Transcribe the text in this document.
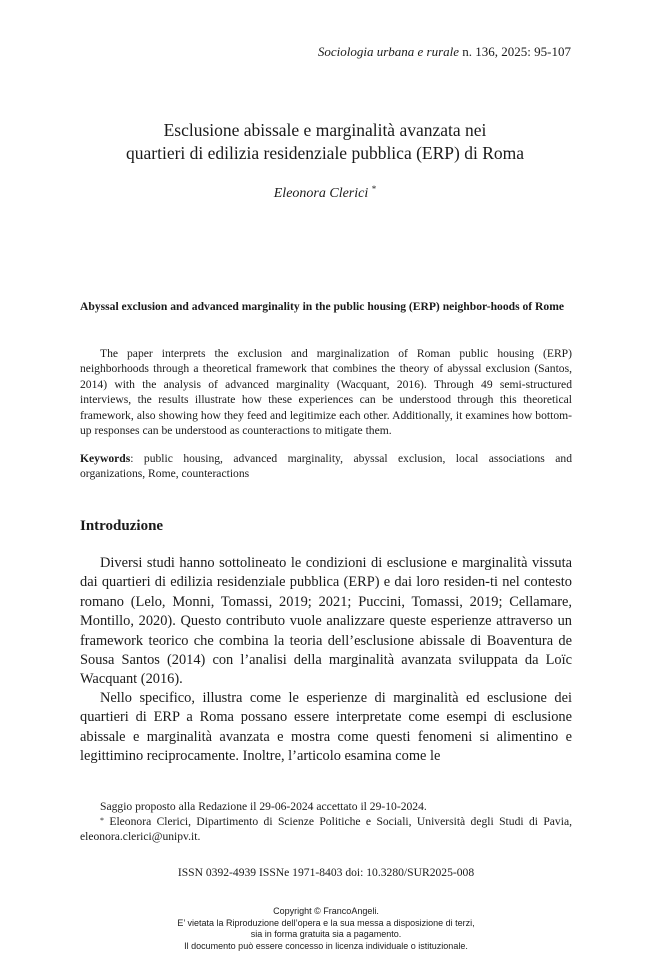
Sociologia urbana e rurale n. 136, 2025: 95-107
Esclusione abissale e marginalità avanzata nei
quartieri di edilizia residenziale pubblica (ERP) di Roma
Eleonora Clerici *
Abyssal exclusion and advanced marginality in the public housing (ERP) neighbor-hoods of Rome
The paper interprets the exclusion and marginalization of Roman public housing (ERP) neighborhoods through a theoretical framework that combines the theory of abyssal exclusion (Santos, 2014) with the analysis of advanced marginality (Wacquant, 2016). Through 49 semi-structured interviews, the results illustrate how these experiences can be understood through this theoretical framework, also showing how they feed and legitimize each other. Additionally, it examines how bottom-up responses can be understood as counteractions to mitigate them.
Keywords: public housing, advanced marginality, abyssal exclusion, local associations and organizations, Rome, counteractions
Introduzione
Diversi studi hanno sottolineato le condizioni di esclusione e marginalità vissuta dai quartieri di edilizia residenziale pubblica (ERP) e dai loro residen-ti nel contesto romano (Lelo, Monni, Tomassi, 2019; 2021; Puccini, Tomassi, 2019; Cellamare, Montillo, 2020). Questo contributo vuole analizzare queste esperienze attraverso un framework teorico che combina la teoria dell’esclusione abissale di Boaventura de Sousa Santos (2014) con l’analisi della marginalità avanzata sviluppata da Loïc Wacquant (2016).
Nello specifico, illustra come le esperienze di marginalità ed esclusione dei quartieri di ERP a Roma possano essere interpretate come esempi di esclusione abissale e marginalità avanzata e mostra come questi fenomeni si alimentino e legittimino reciprocamente. Inoltre, l’articolo esamina come le
Saggio proposto alla Redazione il 29-06-2024 accettato il 29-10-2024.
* Eleonora Clerici, Dipartimento di Scienze Politiche e Sociali, Università degli Studi di Pavia, eleonora.clerici@unipv.it.
ISSN 0392-4939 ISSNe 1971-8403 doi: 10.3280/SUR2025-008
Copyright © FrancoAngeli.
E’ vietata la Riproduzione dell’opera e la sua messa a disposizione di terzi,
sia in forma gratuita sia a pagamento.
Il documento può essere concesso in licenza individuale o istituzionale.
